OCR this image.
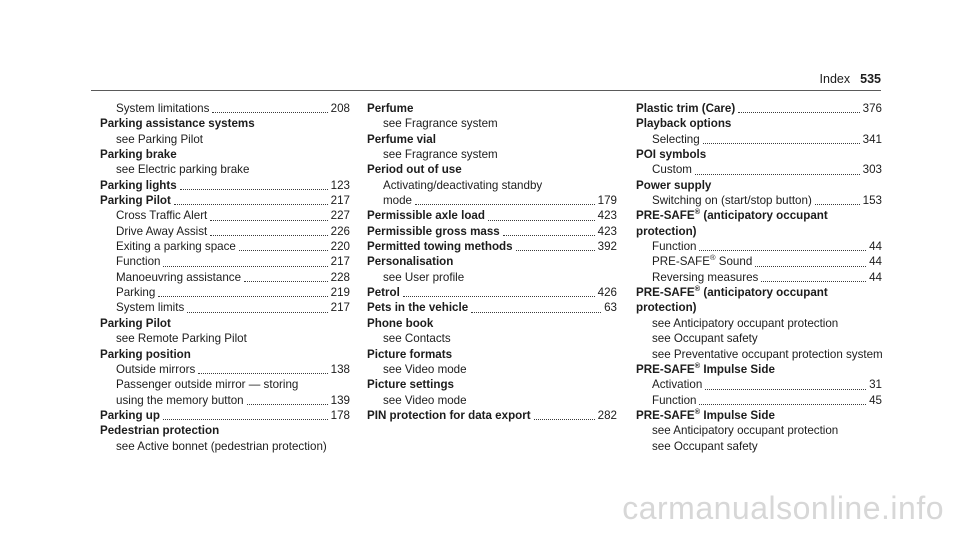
Index 535
System limitations	208
Parking assistance systems
see Parking Pilot
Parking brake
see Electric parking brake
Parking lights	123
Parking Pilot	217
Cross Traffic Alert	227
Drive Away Assist	226
Exiting a parking space	220
Function	217
Manoeuvring assistance	228
Parking	219
System limits	217
Parking Pilot
see Remote Parking Pilot
Parking position
Outside mirrors	138
Passenger outside mirror — storing
using the memory button	139
Parking up	178
Pedestrian protection
see Active bonnet (pedestrian protection)
Perfume
see Fragrance system
Perfume vial
see Fragrance system
Period out of use
Activating/deactivating standby
mode	179
Permissible axle load	423
Permissible gross mass	423
Permitted towing methods	392
Personalisation
see User profile
Petrol	426
Pets in the vehicle	63
Phone book
see Contacts
Picture formats
see Video mode
Picture settings
see Video mode
PIN protection for data export	282
Plastic trim (Care)	376
Playback options
Selecting	341
POI symbols
Custom	303
Power supply
Switching on (start/stop button)	153
PRE-SAFE® (anticipatory occupant
protection)
Function	44
PRE-SAFE® Sound	44
Reversing measures	44
PRE-SAFE® (anticipatory occupant
protection)
see Anticipatory occupant protection
see Occupant safety
see Preventative occupant protection system
PRE-SAFE® Impulse Side
Activation	31
Function	45
PRE-SAFE® Impulse Side
see Anticipatory occupant protection
see Occupant safety
carmanualsonline.info
